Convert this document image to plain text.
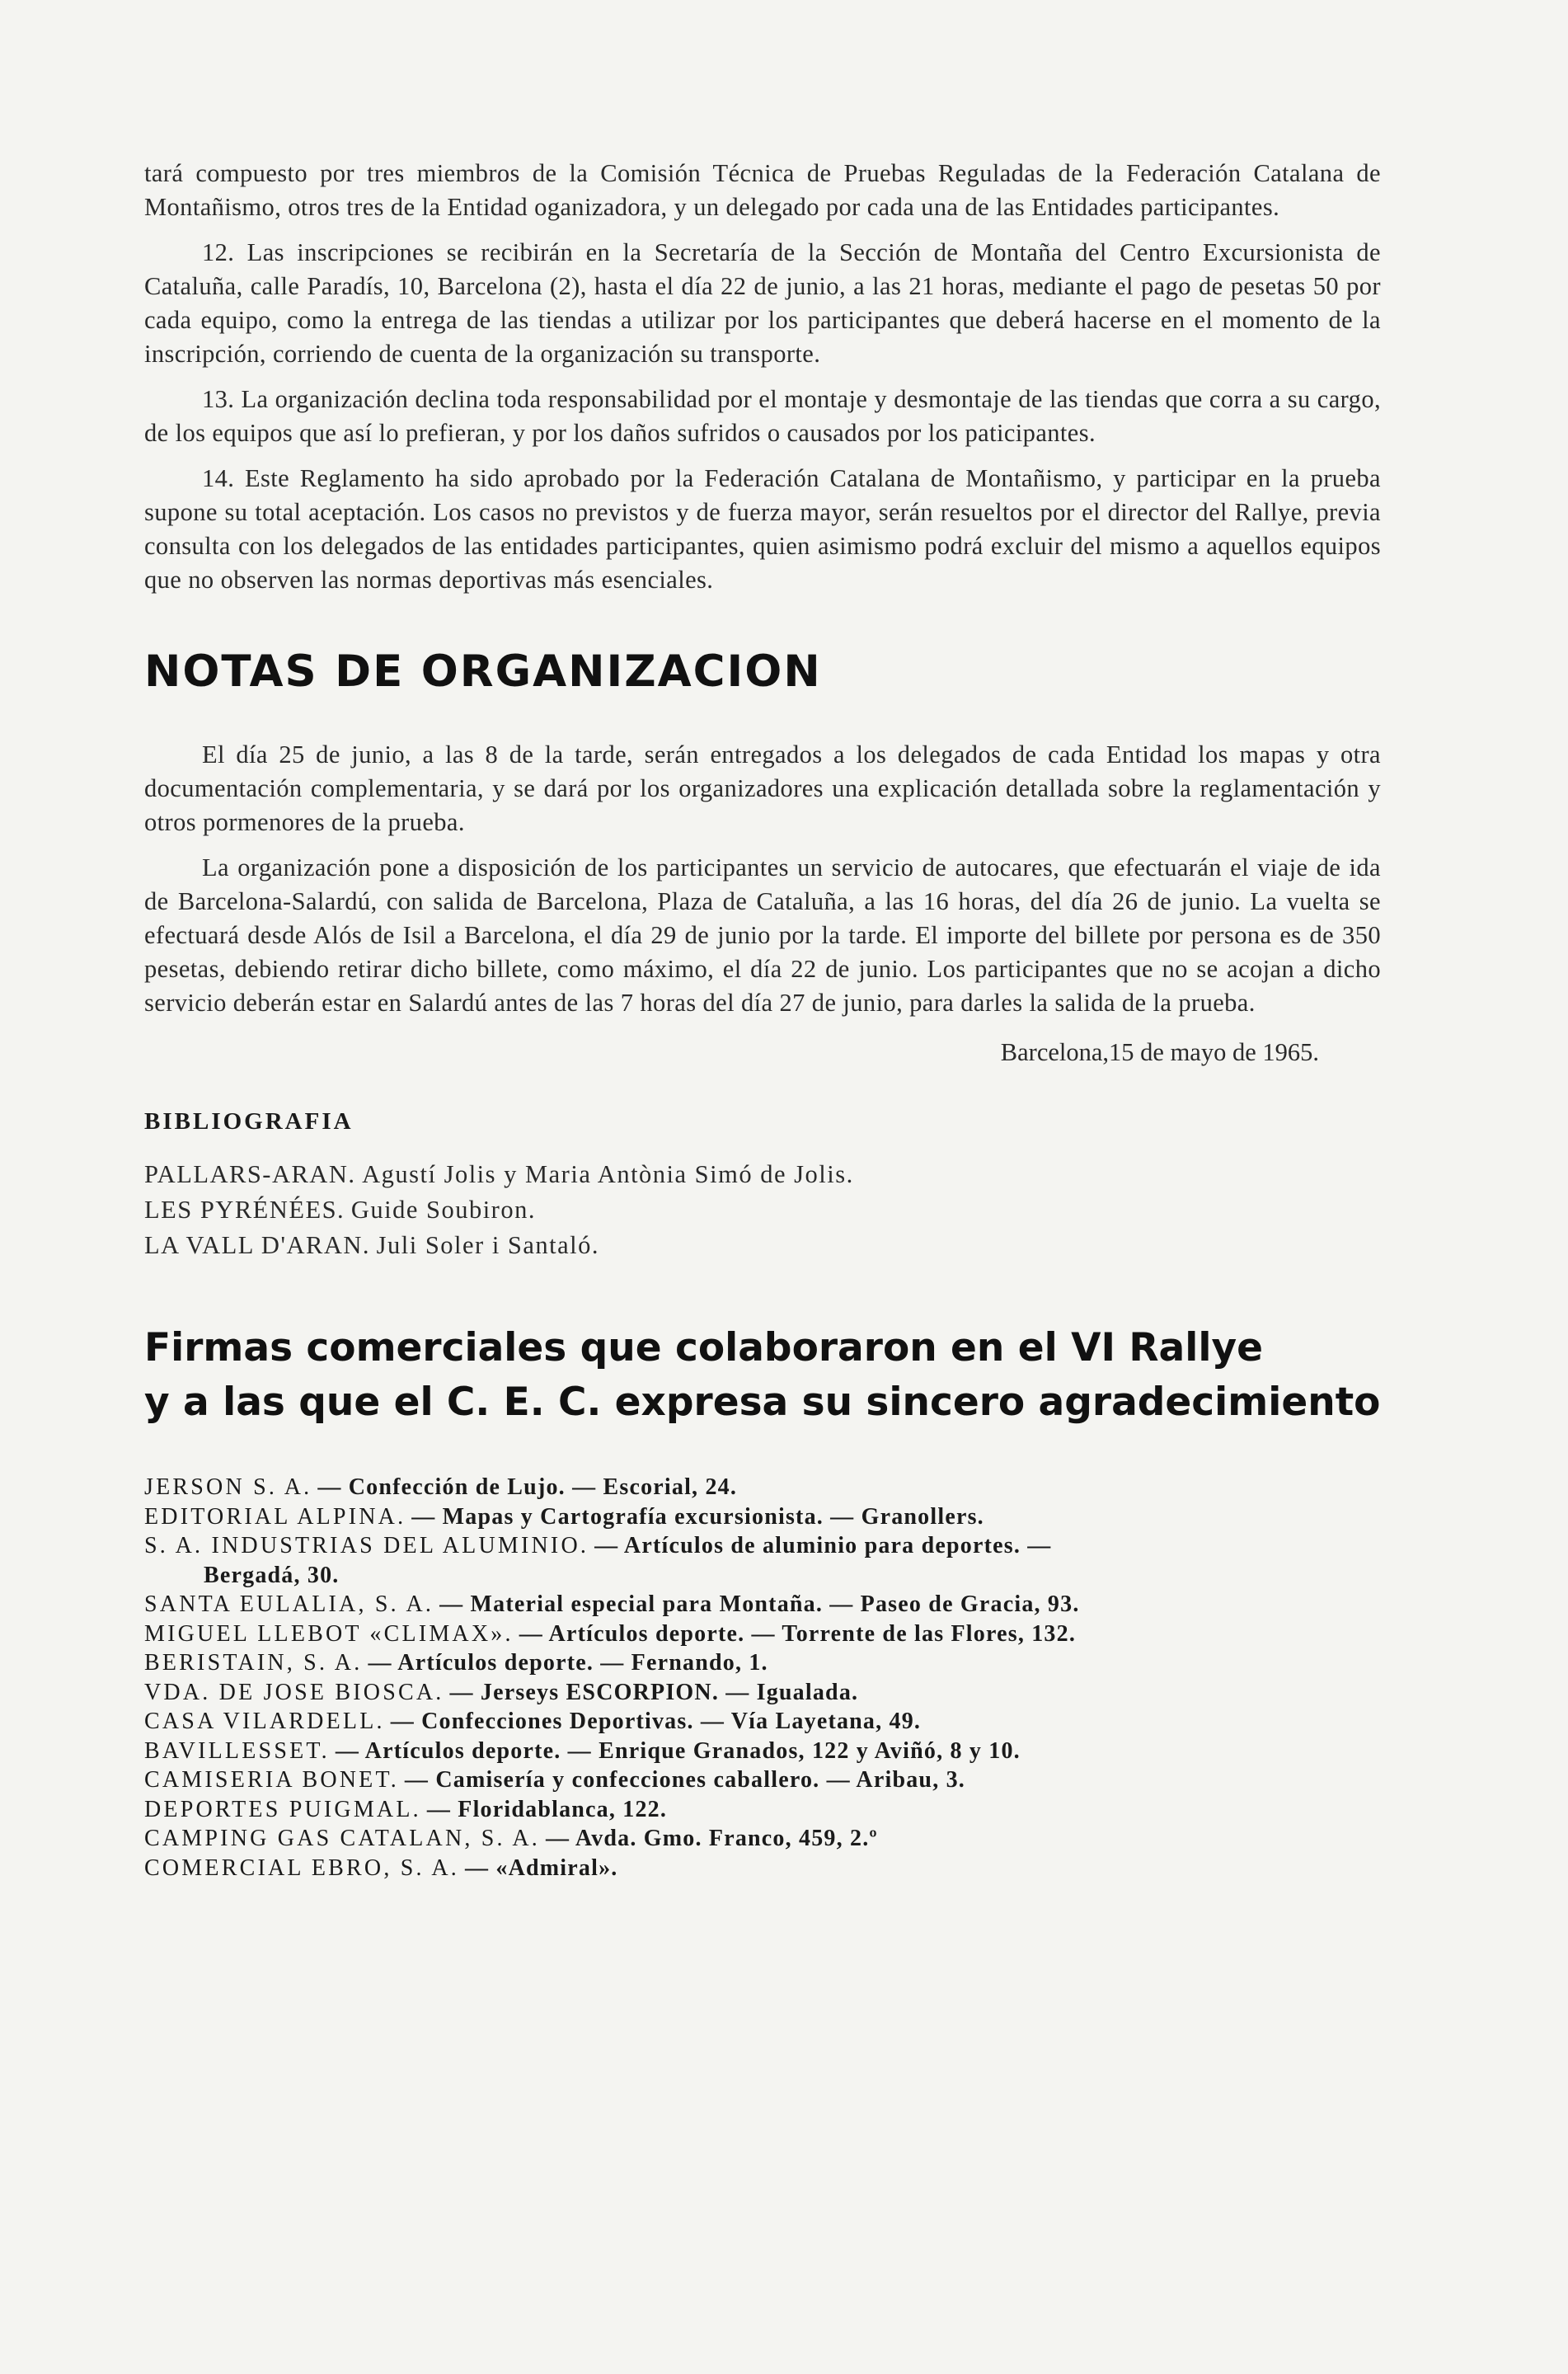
tará compuesto por tres miembros de la Comisión Técnica de Pruebas Reguladas de la Federación Catalana de Montañismo, otros tres de la Entidad oganizadora, y un delegado por cada una de las Entidades participantes.

12. Las inscripciones se recibirán en la Secretaría de la Sección de Montaña del Centro Excursionista de Cataluña, calle Paradís, 10, Barcelona (2), hasta el día 22 de junio, a las 21 horas, mediante el pago de pesetas 50 por cada equipo, como la entrega de las tiendas a utilizar por los participantes que deberá hacerse en el momento de la inscripción, corriendo de cuenta de la organización su transporte.

13. La organización declina toda responsabilidad por el montaje y desmontaje de las tiendas que corra a su cargo, de los equipos que así lo prefieran, y por los daños sufridos o causados por los paticipantes.

14. Este Reglamento ha sido aprobado por la Federación Catalana de Montañismo, y participar en la prueba supone su total aceptación. Los casos no previstos y de fuerza mayor, serán resueltos por el director del Rallye, previa consulta con los delegados de las entidades participantes, quien asimismo podrá excluir del mismo a aquellos equipos que no observen las normas deportivas más esenciales.

NOTAS DE ORGANIZACION

El día 25 de junio, a las 8 de la tarde, serán entregados a los delegados de cada Entidad los mapas y otra documentación complementaria, y se dará por los organizadores una explicación detallada sobre la reglamentación y otros pormenores de la prueba.

La organización pone a disposición de los participantes un servicio de autocares, que efectuarán el viaje de ida de Barcelona-Salardú, con salida de Barcelona, Plaza de Cataluña, a las 16 horas, del día 26 de junio. La vuelta se efectuará desde Alós de Isil a Barcelona, el día 29 de junio por la tarde. El importe del billete por persona es de 350 pesetas, debiendo retirar dicho billete, como máximo, el día 22 de junio. Los participantes que no se acojan a dicho servicio deberán estar en Salardú antes de las 7 horas del día 27 de junio, para darles la salida de la prueba.

Barcelona,15 de mayo de 1965.
BIBLIOGRAFIA
PALLARS-ARAN. Agustí Jolis y Maria Antònia Simó de Jolis.
LES PYRÉNÉES. Guide Soubiron.
LA VALL D'ARAN. Juli Soler i Santaló.
Firmas comerciales que colaboraron en el VI Rallye
y a las que el C. E. C. expresa su sincero agradecimiento
JERSON S. A. — Confección de Lujo. — Escorial, 24.
EDITORIAL ALPINA. — Mapas y Cartografía excursionista. — Granollers.
S. A. INDUSTRIAS DEL ALUMINIO. — Artículos de aluminio para deportes. —
Bergadá, 30.
SANTA EULALIA, S. A. — Material especial para Montaña. — Paseo de Gracia, 93.
MIGUEL LLEBOT «CLIMAX». — Artículos deporte. — Torrente de las Flores, 132.
BERISTAIN, S. A. — Artículos deporte. — Fernando, 1.
VDA. DE JOSE BIOSCA. — Jerseys ESCORPION. — Igualada.
CASA VILARDELL. — Confecciones Deportivas. — Vía Layetana, 49.
BAVILLESSET. — Artículos deporte. — Enrique Granados, 122 y Aviñó, 8 y 10.
CAMISERIA BONET. — Camisería y confecciones caballero. — Aribau, 3.
DEPORTES PUIGMAL. — Floridablanca, 122.
CAMPING GAS CATALAN, S. A. — Avda. Gmo. Franco, 459, 2.º
COMERCIAL EBRO, S. A. — «Admiral».
